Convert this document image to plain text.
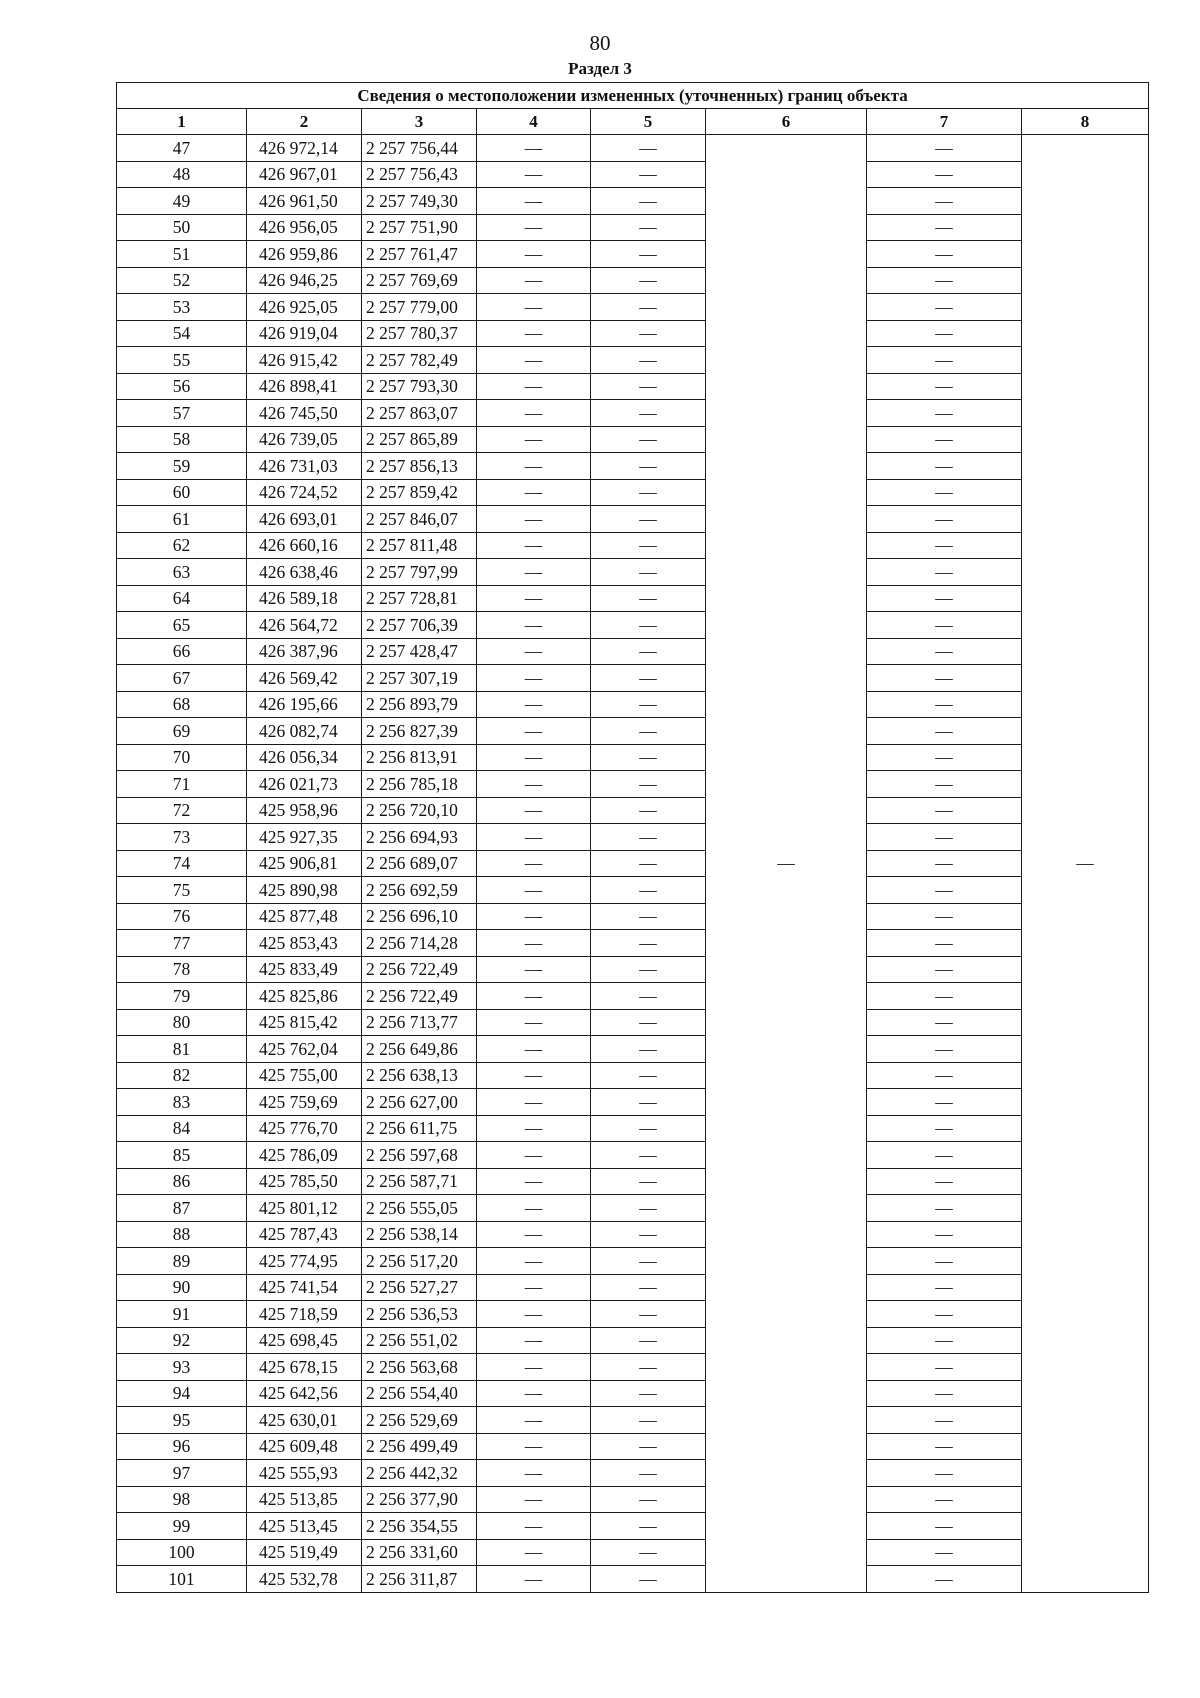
80
Раздел 3
Сведения о местоположении измененных (уточненных) границ объекта							
1	2	3	4	5	6	7	8
47	426 972,14	2 257 756,44	—	—	—	—	—
48	426 967,01	2 257 756,43	—	—		—	
49	426 961,50	2 257 749,30	—	—		—	
50	426 956,05	2 257 751,90	—	—		—	
51	426 959,86	2 257 761,47	—	—		—	
52	426 946,25	2 257 769,69	—	—		—	
53	426 925,05	2 257 779,00	—	—		—	
54	426 919,04	2 257 780,37	—	—		—	
55	426 915,42	2 257 782,49	—	—		—	
56	426 898,41	2 257 793,30	—	—		—	
57	426 745,50	2 257 863,07	—	—		—	
58	426 739,05	2 257 865,89	—	—		—	
59	426 731,03	2 257 856,13	—	—		—	
60	426 724,52	2 257 859,42	—	—		—	
61	426 693,01	2 257 846,07	—	—		—	
62	426 660,16	2 257 811,48	—	—		—	
63	426 638,46	2 257 797,99	—	—		—	
64	426 589,18	2 257 728,81	—	—		—	
65	426 564,72	2 257 706,39	—	—		—	
66	426 387,96	2 257 428,47	—	—		—	
67	426 569,42	2 257 307,19	—	—		—	
68	426 195,66	2 256 893,79	—	—		—	
69	426 082,74	2 256 827,39	—	—		—	
70	426 056,34	2 256 813,91	—	—		—	
71	426 021,73	2 256 785,18	—	—		—	
72	425 958,96	2 256 720,10	—	—		—	
73	425 927,35	2 256 694,93	—	—		—	
74	425 906,81	2 256 689,07	—	—		—	
75	425 890,98	2 256 692,59	—	—		—	
76	425 877,48	2 256 696,10	—	—		—	
77	425 853,43	2 256 714,28	—	—		—	
78	425 833,49	2 256 722,49	—	—		—	
79	425 825,86	2 256 722,49	—	—		—	
80	425 815,42	2 256 713,77	—	—		—	
81	425 762,04	2 256 649,86	—	—		—	
82	425 755,00	2 256 638,13	—	—		—	
83	425 759,69	2 256 627,00	—	—		—	
84	425 776,70	2 256 611,75	—	—		—	
85	425 786,09	2 256 597,68	—	—		—	
86	425 785,50	2 256 587,71	—	—		—	
87	425 801,12	2 256 555,05	—	—		—	
88	425 787,43	2 256 538,14	—	—		—	
89	425 774,95	2 256 517,20	—	—		—	
90	425 741,54	2 256 527,27	—	—		—	
91	425 718,59	2 256 536,53	—	—		—	
92	425 698,45	2 256 551,02	—	—		—	
93	425 678,15	2 256 563,68	—	—		—	
94	425 642,56	2 256 554,40	—	—		—	
95	425 630,01	2 256 529,69	—	—		—	
96	425 609,48	2 256 499,49	—	—		—	
97	425 555,93	2 256 442,32	—	—		—	
98	425 513,85	2 256 377,90	—	—		—	
99	425 513,45	2 256 354,55	—	—		—	
100	425 519,49	2 256 331,60	—	—		—	
101	425 532,78	2 256 311,87	—	—		—	
